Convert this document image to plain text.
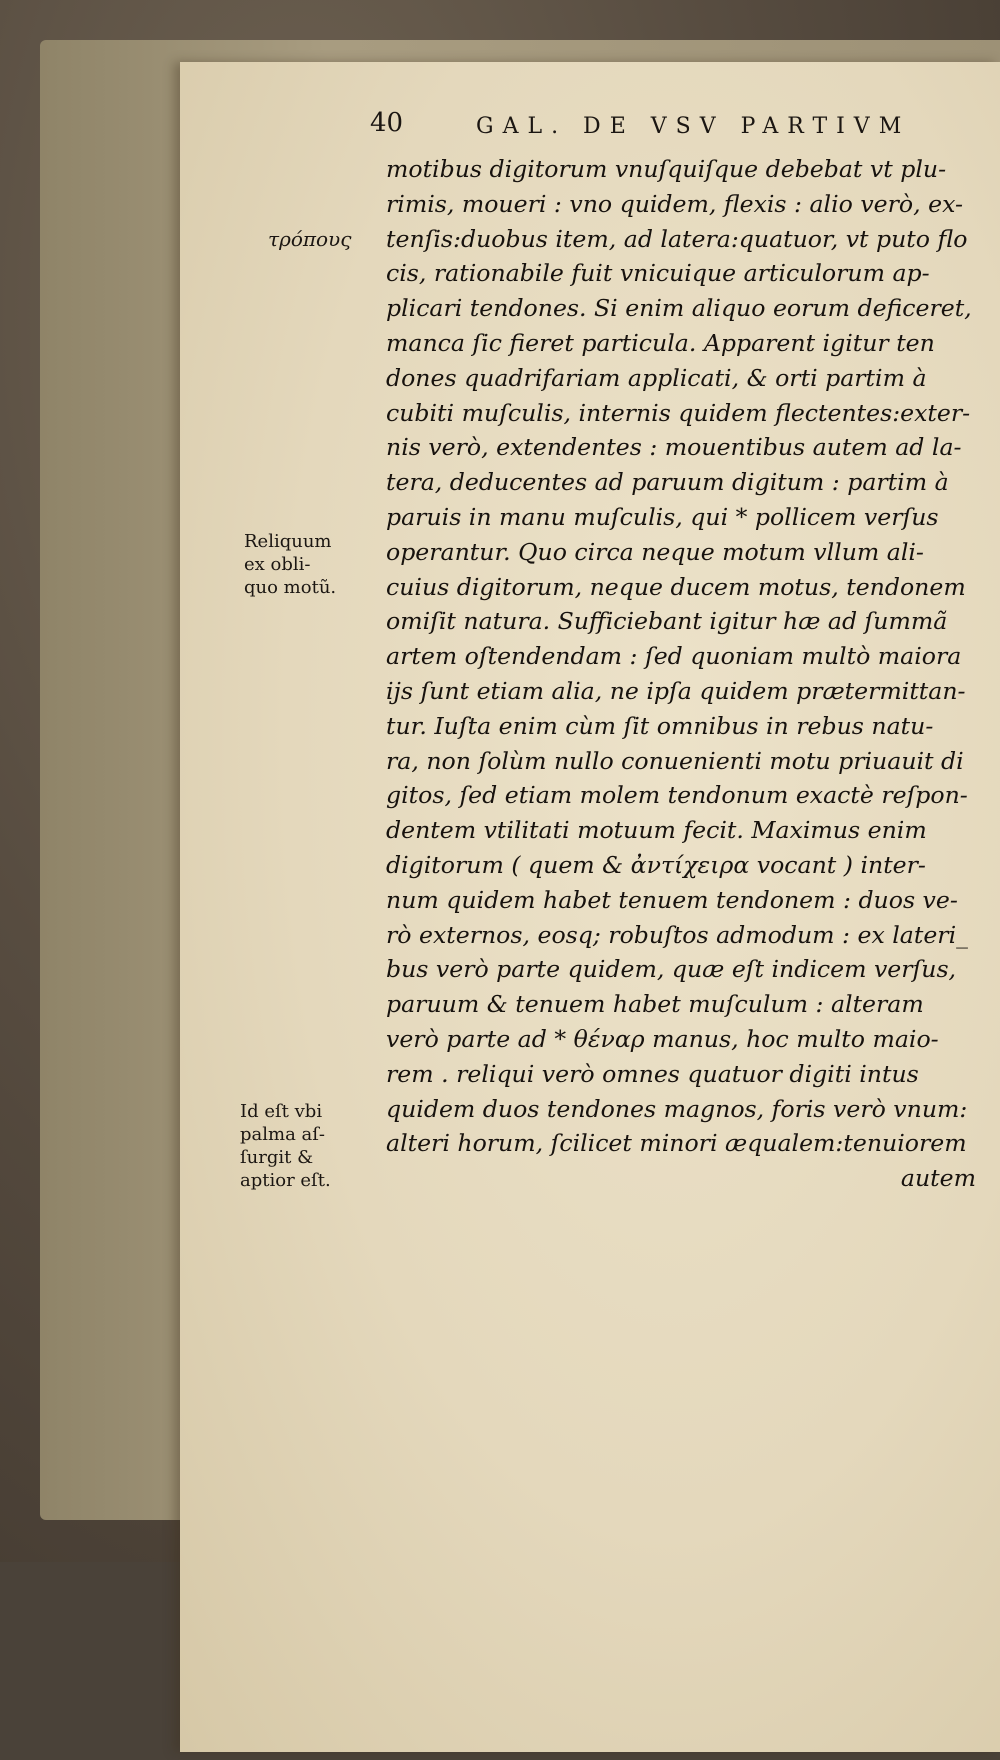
40	GAL. DE VSV PARTIVM
τρόπους
Reliquum
ex obli-
quo motũ.
Id eſt vbi
palma aſ-
ſurgit &
aptior eſt.
motibus digitorum vnuſquiſque debebat vt plu-
rimis, moueri : vno quidem, flexis : alio verò, ex-
tenſis:duobus item, ad latera:quatuor, vt puto flo
cis, rationabile fuit vnicuique articulorum ap-
plicari tendones. Si enim aliquo eorum deficeret,
manca ſic fieret particula. Apparent igitur ten
dones quadrifariam applicati, & orti partim à
cubiti muſculis, internis quidem flectentes:exter-
nis verò, extendentes : mouentibus autem ad la-
tera, deducentes ad paruum digitum : partim à
paruis in manu muſculis, qui * pollicem verſus
operantur. Quo circa neque motum vllum ali-
cuius digitorum, neque ducem motus, tendonem
omiſit natura. Sufficiebant igitur hæ ad ſummã
artem oſtendendam : ſed quoniam multò maiora
ijs ſunt etiam alia, ne ipſa quidem prætermittan-
tur. Iuſta enim cùm ſit omnibus in rebus natu-
ra, non ſolùm nullo conuenienti motu priuauit di
gitos, ſed etiam molem tendonum exactè reſpon-
dentem vtilitati motuum fecit. Maximus enim
digitorum ( quem & ἀντίχειρα vocant ) inter-
num quidem habet tenuem tendonem : duos ve-
rò externos, eosq; robuſtos admodum : ex lateri_
bus verò parte quidem, quæ eſt indicem verſus,
paruum & tenuem habet muſculum : alteram
verò parte ad * θέναρ manus, hoc multo maio-
rem . reliqui verò omnes quatuor digiti intus
quidem duos tendones magnos, foris verò vnum:
alteri horum, ſcilicet minori æqualem:tenuiorem
autem
